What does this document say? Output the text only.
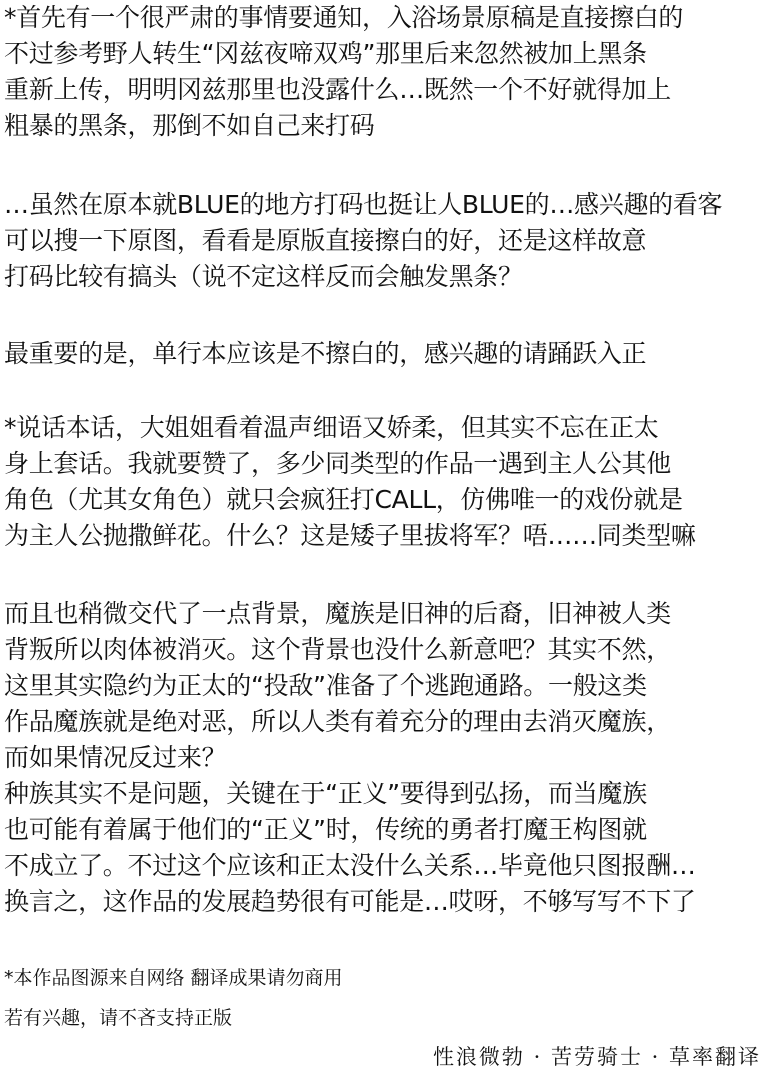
*首先有一个很严肃的事情要通知，入浴场景原稿是直接擦白的
不过参考野人转生“冈兹夜啼双鸡”那里后来忽然被加上黑条
重新上传，明明冈兹那里也没露什么…既然一个不好就得加上
粗暴的黑条，那倒不如自己来打码
…虽然在原本就BLUE的地方打码也挺让人BLUE的…感兴趣的看客
可以搜一下原图，看看是原版直接擦白的好，还是这样故意
打码比较有搞头（说不定这样反而会触发黑条？
最重要的是，单行本应该是不擦白的，感兴趣的请踊跃入正
*说话本话，大姐姐看着温声细语又娇柔，但其实不忘在正太
身上套话。我就要赞了，多少同类型的作品一遇到主人公其他
角色（尤其女角色）就只会疯狂打CALL，仿佛唯一的戏份就是
为主人公抛撒鲜花。什么？这是矮子里拔将军？唔……同类型嘛
而且也稍微交代了一点背景，魔族是旧神的后裔，旧神被人类
背叛所以肉体被消灭。这个背景也没什么新意吧？其实不然，
这里其实隐约为正太的“投敌”准备了个逃跑通路。一般这类
作品魔族就是绝对恶，所以人类有着充分的理由去消灭魔族，
而如果情况反过来？
种族其实不是问题，关键在于“正义”要得到弘扬，而当魔族
也可能有着属于他们的“正义”时，传统的勇者打魔王构图就
不成立了。不过这个应该和正太没什么关系…毕竟他只图报酬…
换言之，这作品的发展趋势很有可能是…哎呀，不够写写不下了
*本作品图源来自网络 翻译成果请勿商用
若有兴趣，请不吝支持正版
性浪微勃 · 苦劳骑士 · 草率翻译
